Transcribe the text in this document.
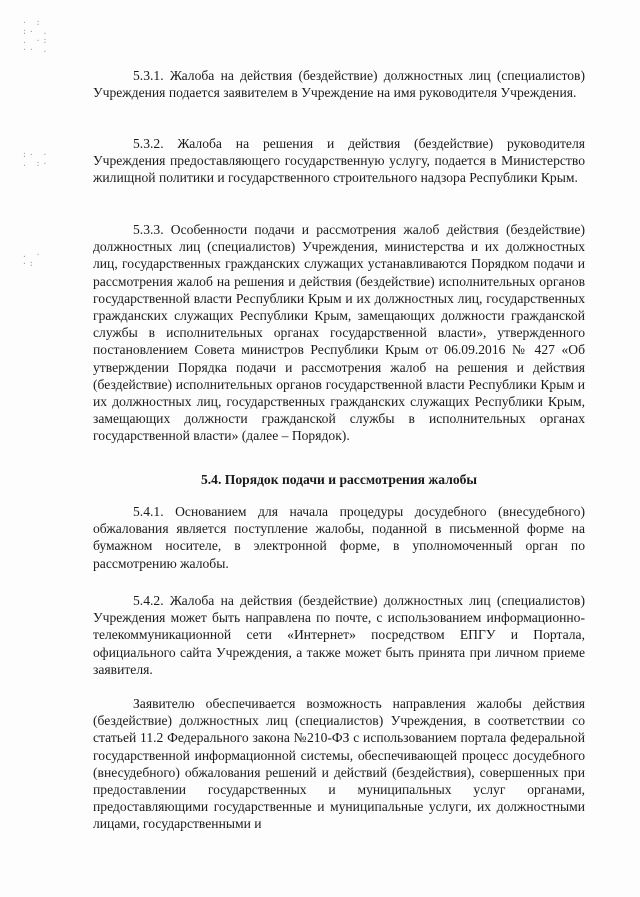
· :
:· .
. ·:
·· .
:· ·
. :·
. ·
·:
5.3.1. Жалоба на действия (бездействие) должностных лиц (специалистов) Учреждения подается заявителем в Учреждение на имя руководителя Учреждения.
5.3.2. Жалоба на решения и действия (бездействие) руководителя Учреждения предоставляющего государственную услугу, подается в Министерство жилищной политики и государственного строительного надзора Республики Крым.
5.3.3. Особенности подачи и рассмотрения жалоб действия (бездействие) должностных лиц (специалистов) Учреждения, министерства и их должностных лиц, государственных гражданских служащих устанавливаются Порядком подачи и рассмотрения жалоб на решения и действия (бездействие) исполнительных органов государственной власти Республики Крым и их должностных лиц, государственных гражданских служащих Республики Крым, замещающих должности гражданской службы в исполнительных органах государственной власти», утвержденного постановлением Совета министров Республики Крым от 06.09.2016 № 427 «Об утверждении Порядка подачи и рассмотрения жалоб на решения и действия (бездействие) исполнительных органов государственной власти Республики Крым и их должностных лиц, государственных гражданских служащих Республики Крым, замещающих должности гражданской службы в исполнительных органах государственной власти» (далее – Порядок).
5.4. Порядок подачи и рассмотрения жалобы
5.4.1. Основанием для начала процедуры досудебного (внесудебного) обжалования является поступление жалобы, поданной в письменной форме на бумажном носителе, в электронной форме, в уполномоченный орган по рассмотрению жалобы.
5.4.2. Жалоба на действия (бездействие) должностных лиц (специалистов) Учреждения может быть направлена по почте, с использованием информационно-телекоммуникационной сети «Интернет» посредством ЕПГУ и Портала, официального сайта Учреждения, а также может быть принята при личном приеме заявителя.
Заявителю обеспечивается возможность направления жалобы действия (бездействие) должностных лиц (специалистов) Учреждения, в соответствии со статьей 11.2 Федерального закона №210-ФЗ с использованием портала федеральной государственной информационной системы, обеспечивающей процесс досудебного (внесудебного) обжалования решений и действий (бездействия), совершенных при предоставлении государственных и муниципальных услуг органами, предоставляющими государственные и муниципальные услуги, их должностными лицами, государственными и
